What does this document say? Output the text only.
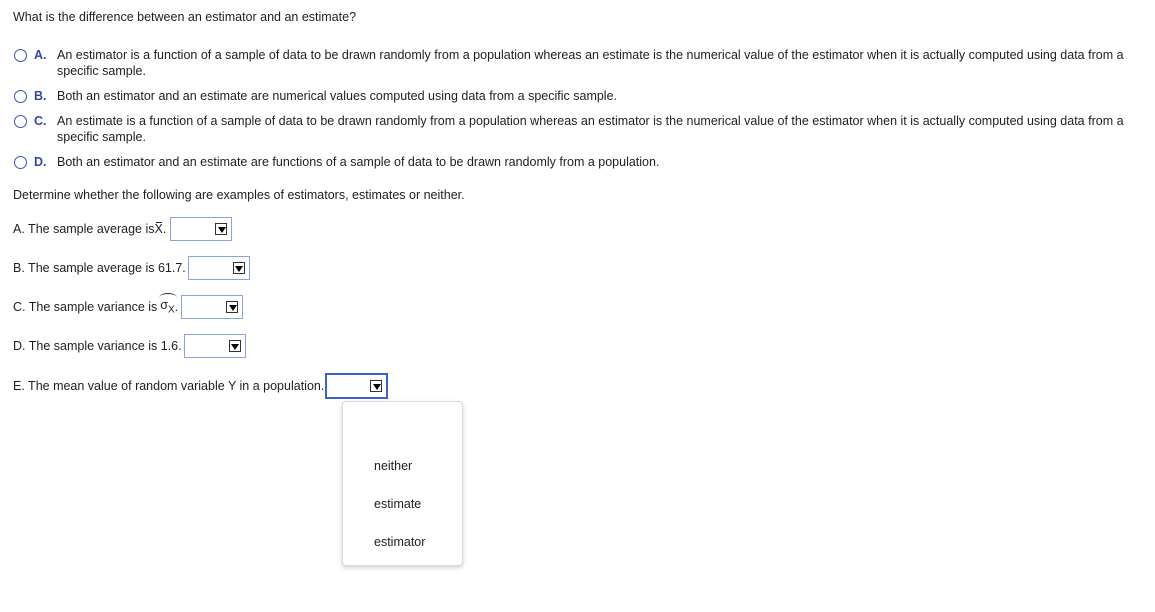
What is the difference between an estimator and an estimate?
A. An estimator is a function of a sample of data to be drawn randomly from a population whereas an estimate is the numerical value of the estimator when it is actually computed using data from a specific sample.
B. Both an estimator and an estimate are numerical values computed using data from a specific sample.
C. An estimate is a function of a sample of data to be drawn randomly from a population whereas an estimator is the numerical value of the estimator when it is actually computed using data from a specific sample.
D. Both an estimator and an estimate are functions of a sample of data to be drawn randomly from a population.
Determine whether the following are examples of estimators, estimates or neither.
A. The sample average is X .
B. The sample average is 61.7.
C. The sample variance is $\sigma_X$ .
D. The sample variance is 1.6.
E. The mean value of random variable Y in a population.
neither
estimate
estimator
